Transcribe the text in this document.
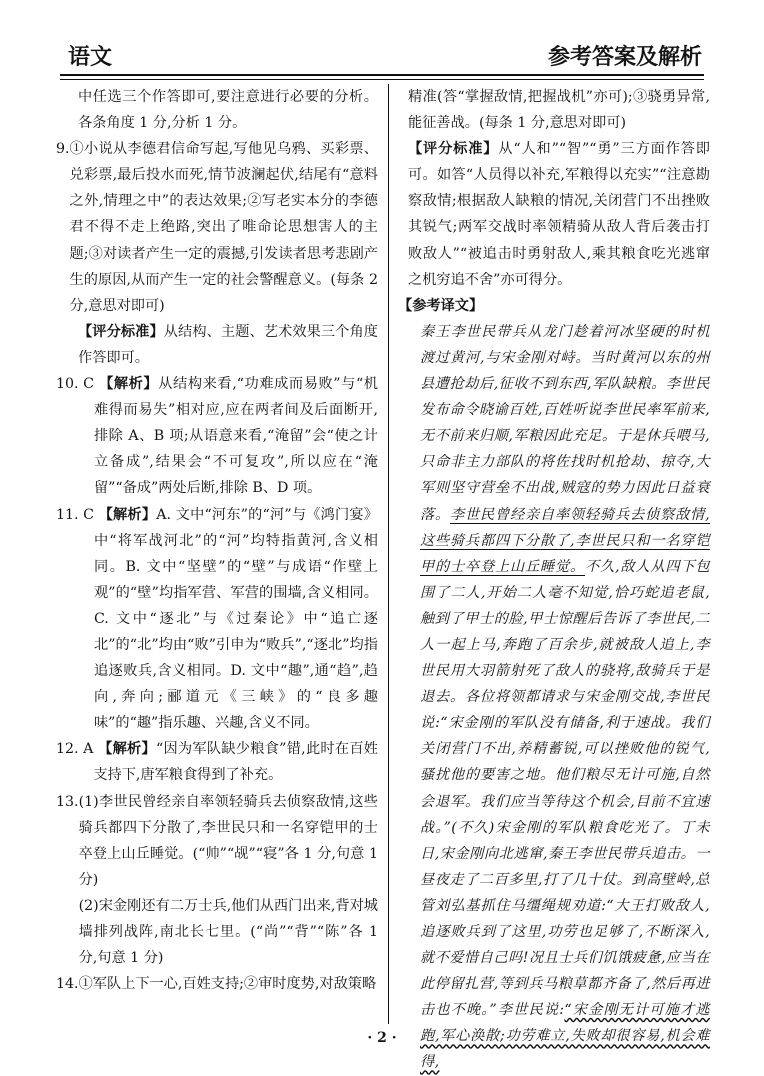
语文	参考答案及解析

中任选三个作答即可,要注意进行必要的分析。各条角度 1 分,分析 1 分。

9. ①小说从李德君信命写起,写他见乌鸦、买彩票、兑彩票,最后投水而死,情节波澜起伏,结尾有“意料之外,情理之中”的表达效果;②写老实本分的李德君不得不走上绝路,突出了唯命论思想害人的主题;③对读者产生一定的震撼,引发读者思考悲剧产生的原因,从而产生一定的社会警醒意义。(每条 2 分,意思对即可)

【评分标准】从结构、主题、艺术效果三个角度作答即可。

10. C 【解析】从结构来看,“功难成而易败”与“机难得而易失”相对应,应在两者间及后面断开,排除 A、B 项;从语意来看,“淹留”会“使之计立备成”,结果会“不可复攻”,所以应在“淹留”“备成”两处后断,排除 B、D 项。

11. C 【解析】A. 文中“河东”的“河”与《鸿门宴》中“将军战河北”的“河”均特指黄河,含义相同。B. 文中“坚壁”的“壁”与成语“作壁上观”的“壁”均指军营、军营的围墙,含义相同。C. 文中“逐北”与《过秦论》中“追亡逐北”的“北”均由“败”引申为“败兵”,“逐北”均指追逐败兵,含义相同。D. 文中“趣”,通“趋”,趋向,奔向;郦道元《三峡》的“良多趣味”的“趣”指乐趣、兴趣,含义不同。

12. A 【解析】“因为军队缺少粮食”错,此时在百姓支持下,唐军粮食得到了补充。

13. (1)李世民曾经亲自率领轻骑兵去侦察敌情,这些骑兵都四下分散了,李世民只和一名穿铠甲的士卒登上山丘睡觉。(“帅”“觇”“寝”各 1 分,句意 1 分)

(2)宋金刚还有二万士兵,他们从西门出来,背对城墙排列战阵,南北长七里。(“尚”“背”“陈”各 1 分,句意 1 分)

14. ①军队上下一心,百姓支持;②审时度势,对敌策略

精准(答“掌握敌情,把握战机”亦可);③骁勇异常,能征善战。(每条 1 分,意思对即可)

【评分标准】从“人和”“智”“勇”三方面作答即可。如答“人员得以补充,军粮得以充实”“注意勘察敌情;根据敌人缺粮的情况,关闭营门不出挫败其锐气;两军交战时率领精骑从敌人背后袭击打败敌人”“被追击时勇射敌人,乘其粮食吃光逃窜之机穷追不舍”亦可得分。

【参考译文】

秦王李世民带兵从龙门趁着河冰坚硬的时机渡过黄河,与宋金刚对峙。当时黄河以东的州县遭抢劫后,征收不到东西,军队缺粮。李世民发布命令晓谕百姓,百姓听说李世民率军前来,无不前来归顺,军粮因此充足。于是休兵喂马,只命非主力部队的将佐找时机抢劫、掠夺,大军则坚守营垒不出战,贼寇的势力因此日益衰落。李世民曾经亲自率领轻骑兵去侦察敌情,这些骑兵都四下分散了,李世民只和一名穿铠甲的士卒登上山丘睡觉。不久,敌人从四下包围了二人,开始二人毫不知觉,恰巧蛇追老鼠,触到了甲士的脸,甲士惊醒后告诉了李世民,二人一起上马,奔跑了百余步,就被敌人追上,李世民用大羽箭射死了敌人的骁将,敌骑兵于是退去。各位将领都请求与宋金刚交战,李世民说:“宋金刚的军队没有储备,利于速战。我们关闭营门不出,养精蓄锐,可以挫败他的锐气,骚扰他的要害之地。他们粮尽无计可施,自然会退军。我们应当等待这个机会,目前不宜速战。”(不久)宋金刚的军队粮食吃光了。丁未日,宋金刚向北逃窜,秦王李世民带兵追击。一昼夜走了二百多里,打了几十仗。到高壁岭,总管刘弘基抓住马缰绳规劝道:“大王打败敌人,追逐败兵到了这里,功劳也足够了,不断深入,就不爱惜自己吗!况且士兵们饥饿疲惫,应当在此停留扎营,等到兵马粮草都齐备了,然后再进击也不晚。”李世民说:“宋金刚无计可施才逃跑,军心涣散;功劳难立,失败却很容易,机会难得,

· 2 ·
